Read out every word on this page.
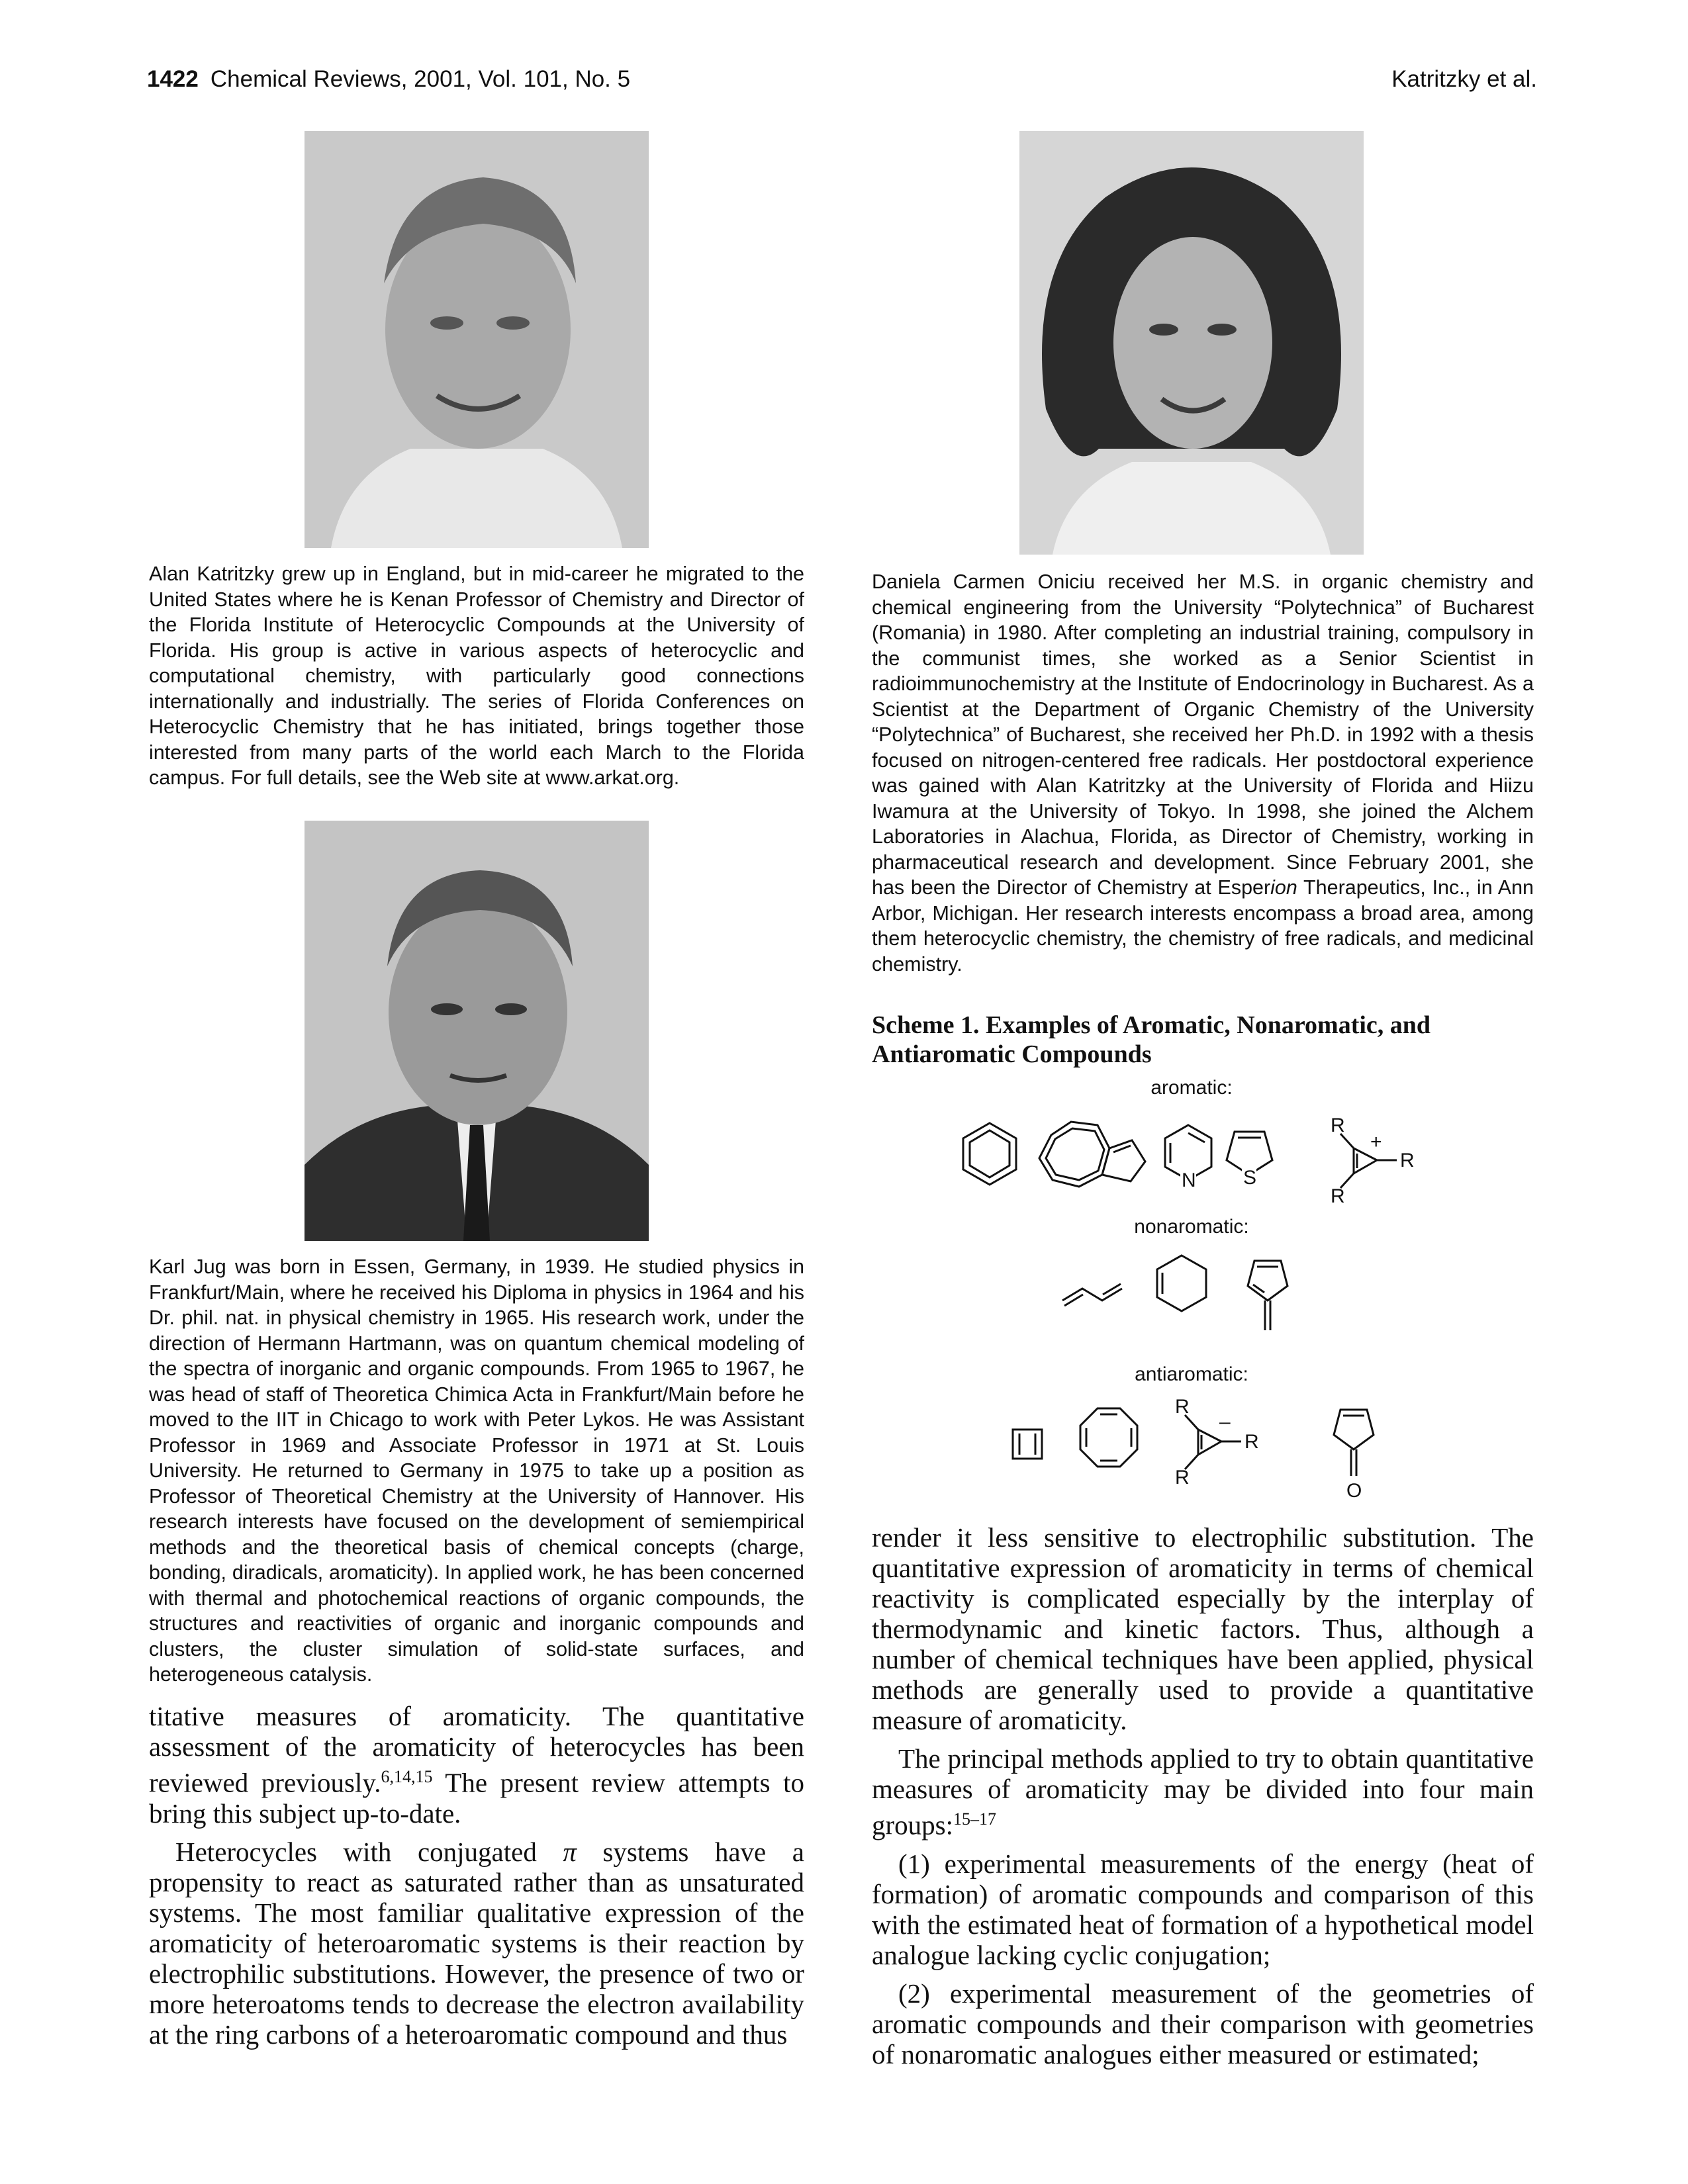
1422 Chemical Reviews, 2001, Vol. 101, No. 5	Katritzky et al.

Alan Katritzky grew up in England, but in mid-career he migrated to the United States where he is Kenan Professor of Chemistry and Director of the Florida Institute of Heterocyclic Compounds at the University of Florida. His group is active in various aspects of heterocyclic and computational chemistry, with particularly good connections internationally and industrially. The series of Florida Conferences on Heterocyclic Chemistry that he has initiated, brings together those interested from many parts of the world each March to the Florida campus. For full details, see the Web site at www.arkat.org.

Karl Jug was born in Essen, Germany, in 1939. He studied physics in Frankfurt/Main, where he received his Diploma in physics in 1964 and his Dr. phil. nat. in physical chemistry in 1965. His research work, under the direction of Hermann Hartmann, was on quantum chemical modeling of the spectra of inorganic and organic compounds. From 1965 to 1967, he was head of staff of Theoretica Chimica Acta in Frankfurt/Main before he moved to the IIT in Chicago to work with Peter Lykos. He was Assistant Professor in 1969 and Associate Professor in 1971 at St. Louis University. He returned to Germany in 1975 to take up a position as Professor of Theoretical Chemistry at the University of Hannover. His research interests have focused on the development of semiempirical methods and the theoretical basis of chemical concepts (charge, bonding, diradicals, aromaticity). In applied work, he has been concerned with thermal and photochemical reactions of organic compounds, the structures and reactivities of organic and inorganic compounds and clusters, the cluster simulation of solid-state surfaces, and heterogeneous catalysis.

titative measures of aromaticity. The quantitative assessment of the aromaticity of heterocycles has been reviewed previously.$^{6,14,15}$ The present review attempts to bring this subject up-to-date.

Heterocycles with conjugated π systems have a propensity to react as saturated rather than as unsaturated systems. The most familiar qualitative expression of the aromaticity of heteroaromatic systems is their reaction by electrophilic substitutions. However, the presence of two or more heteroatoms tends to decrease the electron availability at the ring carbons of a heteroaromatic compound and thus

Daniela Carmen Oniciu received her M.S. in organic chemistry and chemical engineering from the University “Polytechnica” of Bucharest (Romania) in 1980. After completing an industrial training, compulsory in the communist times, she worked as a Senior Scientist in radioimmunochemistry at the Institute of Endocrinology in Bucharest. As a Scientist at the Department of Organic Chemistry of the University “Polytechnica” of Bucharest, she received her Ph.D. in 1992 with a thesis focused on nitrogen-centered free radicals. Her postdoctoral experience was gained with Alan Katritzky at the University of Florida and Hiizu Iwamura at the University of Tokyo. In 1998, she joined the Alchem Laboratories in Alachua, Florida, as Director of Chemistry, working in pharmaceutical research and development. Since February 2001, she has been the Director of Chemistry at Esperion Therapeutics, Inc., in Ann Arbor, Michigan. Her research interests encompass a broad area, among them heterocyclic chemistry, the chemistry of free radicals, and medicinal chemistry.

Scheme 1. Examples of Aromatic, Nonaromatic, and Antiaromatic Compounds

aromatic:
nonaromatic:
antiaromatic:
N S
R
+
R
R
R
–
R
R
O

render it less sensitive to electrophilic substitution. The quantitative expression of aromaticity in terms of chemical reactivity is complicated especially by the interplay of thermodynamic and kinetic factors. Thus, although a number of chemical techniques have been applied, physical methods are generally used to provide a quantitative measure of aromaticity.

The principal methods applied to try to obtain quantitative measures of aromaticity may be divided into four main groups:$^{15-17}$

(1) experimental measurements of the energy (heat of formation) of aromatic compounds and comparison of this with the estimated heat of formation of a hypothetical model analogue lacking cyclic conjugation;

(2) experimental measurement of the geometries of aromatic compounds and their comparison with geometries of nonaromatic analogues either measured or estimated;
